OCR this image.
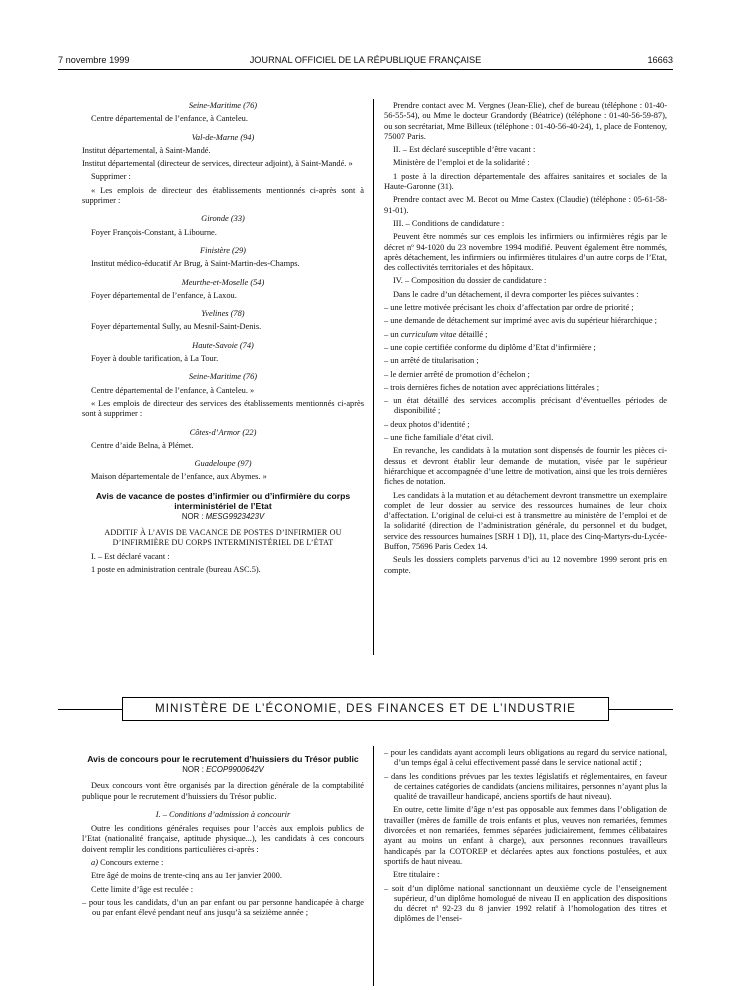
7 novembre 1999	JOURNAL OFFICIEL DE LA RÉPUBLIQUE FRANÇAISE	16663

Seine-Maritime (76)

Centre départemental de l’enfance, à Canteleu.

Val-de-Marne (94)

Institut départemental, à Saint-Mandé.

Institut départemental (directeur de services, directeur adjoint), à Saint-Mandé. »

Supprimer :

« Les emplois de directeur des établissements mentionnés ci-après sont à supprimer :

Gironde (33)

Foyer François-Constant, à Libourne.

Finistère (29)

Institut médico-éducatif Ar Brug, à Saint-Martin-des-Champs.

Meurthe-et-Moselle (54)

Foyer départemental de l’enfance, à Laxou.

Yvelines (78)

Foyer départemental Sully, au Mesnil-Saint-Denis.

Haute-Savoie (74)

Foyer à double tarification, à La Tour.

Seine-Maritime (76)

Centre départemental de l’enfance, à Canteleu. »

« Les emplois de directeur des services des établissements mentionnés ci-après sont à supprimer :

Côtes-d’Armor (22)

Centre d’aide Belna, à Plémet.

Guadeloupe (97)

Maison départementale de l’enfance, aux Abymes. »

Avis de vacance de postes d’infirmier ou d’infirmière du corps interministériel de l’Etat

NOR : MESG9923423V

ADDITIF À L’AVIS DE VACANCE DE POSTES D’INFIRMIER OU D’INFIRMIÈRE DU CORPS INTERMINISTÉRIEL DE L’ÉTAT

I. – Est déclaré vacant :

1 poste en administration centrale (bureau ASC.5).

Prendre contact avec M. Vergnes (Jean-Elie), chef de bureau (téléphone : 01-40-56-55-54), ou Mme le docteur Grandordy (Béatrice) (téléphone : 01-40-56-59-87), ou son secrétariat, Mme Billeux (téléphone : 01-40-56-40-24), 1, place de Fontenoy, 75007 Paris.

II. – Est déclaré susceptible d’être vacant :

Ministère de l’emploi et de la solidarité :

1 poste à la direction départementale des affaires sanitaires et sociales de la Haute-Garonne (31).

Prendre contact avec M. Becot ou Mme Castex (Claudie) (téléphone : 05-61-58-91-01).

III. – Conditions de candidature :

Peuvent être nommés sur ces emplois les infirmiers ou infirmières régis par le décret nº 94-1020 du 23 novembre 1994 modifié. Peuvent également être nommés, après détachement, les infirmiers ou infirmières titulaires d’un autre corps de l’Etat, des collectivités territoriales et des hôpitaux.

IV. – Composition du dossier de candidature :

Dans le cadre d’un détachement, il devra comporter les pièces suivantes :

– une lettre motivée précisant les choix d’affectation par ordre de priorité ;

– une demande de détachement sur imprimé avec avis du supérieur hiérarchique ;

– un curriculum vitae détaillé ;

– une copie certifiée conforme du diplôme d’Etat d’infirmière ;

– un arrêté de titularisation ;

– le dernier arrêté de promotion d’échelon ;

– trois dernières fiches de notation avec appréciations littérales ;

– un état détaillé des services accomplis précisant d’éventuelles périodes de disponibilité ;

– deux photos d’identité ;

– une fiche familiale d’état civil.

En revanche, les candidats à la mutation sont dispensés de fournir les pièces ci-dessus et devront établir leur demande de mutation, visée par le supérieur hiérarchique et accompagnée d’une lettre de motivation, ainsi que les trois dernières fiches de notation.

Les candidats à la mutation et au détachement devront transmettre un exemplaire complet de leur dossier au service des ressources humaines de leur choix d’affectation. L’original de celui-ci est à transmettre au ministère de l’emploi et de la solidarité (direction de l’administration générale, du personnel et du budget, service des ressources humaines [SRH 1 D]), 11, place des Cinq-Martyrs-du-Lycée-Buffon, 75696 Paris Cedex 14.

Seuls les dossiers complets parvenus d’ici au 12 novembre 1999 seront pris en compte.

MINISTÈRE DE L’ÉCONOMIE, DES FINANCES ET DE L’INDUSTRIE

Avis de concours pour le recrutement d’huissiers du Trésor public

NOR : ECOP9900642V

Deux concours vont être organisés par la direction générale de la comptabilité publique pour le recrutement d’huissiers du Trésor public.

I. – Conditions d’admission à concourir

Outre les conditions générales requises pour l’accès aux emplois publics de l’Etat (nationalité française, aptitude physique...), les candidats à ces concours doivent remplir les conditions particulières ci-après :

a) Concours externe :

Etre âgé de moins de trente-cinq ans au 1er janvier 2000.

Cette limite d’âge est reculée :

– pour tous les candidats, d’un an par enfant ou par personne handicapée à charge ou par enfant élevé pendant neuf ans jusqu’à sa seizième année ;

– pour les candidats ayant accompli leurs obligations au regard du service national, d’un temps égal à celui effectivement passé dans le service national actif ;

– dans les conditions prévues par les textes législatifs et réglementaires, en faveur de certaines catégories de candidats (anciens militaires, personnes n’ayant plus la qualité de travailleur handicapé, anciens sportifs de haut niveau).

En outre, cette limite d’âge n’est pas opposable aux femmes dans l’obligation de travailler (mères de famille de trois enfants et plus, veuves non remariées, femmes divorcées et non remariées, femmes séparées judiciairement, femmes célibataires ayant au moins un enfant à charge), aux personnes reconnues travailleurs handicapés par la COTOREP et déclarées aptes aux fonctions postulées, et aux sportifs de haut niveau.

Etre titulaire :

– soit d’un diplôme national sanctionnant un deuxième cycle de l’enseignement supérieur, d’un diplôme homologué de niveau II en application des dispositions du décret nº 92-23 du 8 janvier 1992 relatif à l’homologation des titres et diplômes de l’ensei-
